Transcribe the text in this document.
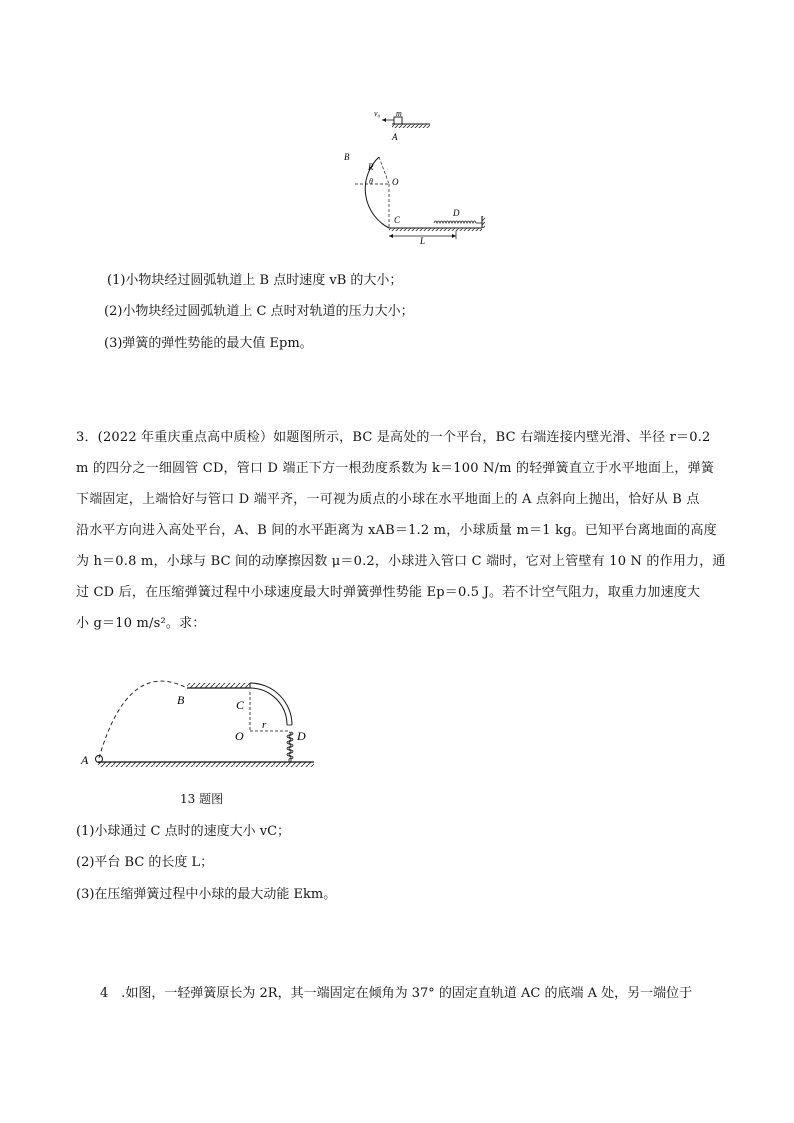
v₀ m
A
B
R
θ O
C
D
L
(1)小物块经过圆弧轨道上 B 点时速度 vB 的大小；
(2)小物块经过圆弧轨道上 C 点时对轨道的压力大小；
(3)弹簧的弹性势能的最大值 Epm。
3．(2022 年重庆重点高中质检）如题图所示，BC 是高处的一个平台，BC 右端连接内壁光滑、半径 r＝0.2
m 的四分之一细圆管 CD，管口 D 端正下方一根劲度系数为 k＝100 N/m 的轻弹簧直立于水平地面上，弹簧
下端固定，上端恰好与管口 D 端平齐，一可视为质点的小球在水平地面上的 A 点斜向上抛出，恰好从 B 点
沿水平方向进入高处平台，A、B 间的水平距离为 xAB＝1.2 m，小球质量 m＝1 kg。已知平台离地面的高度
为 h＝0.8 m，小球与 BC 间的动摩擦因数 μ＝0.2，小球进入管口 C 端时，它对上管壁有 10 N 的作用力，通
过 CD 后，在压缩弹簧过程中小球速度最大时弹簧弹性势能 Ep＝0.5 J。若不计空气阻力，取重力加速度大
小 g＝10 m/s²。求：
A
B	C
O
r
D
13 题图
(1)小球通过 C 点时的速度大小 vC；
(2)平台 BC 的长度 L；
(3)在压缩弹簧过程中小球的最大动能 Ekm。
4　.如图，一轻弹簧原长为 2R，其一端固定在倾角为 37° 的固定直轨道 AC 的底端 A 处，另一端位于
